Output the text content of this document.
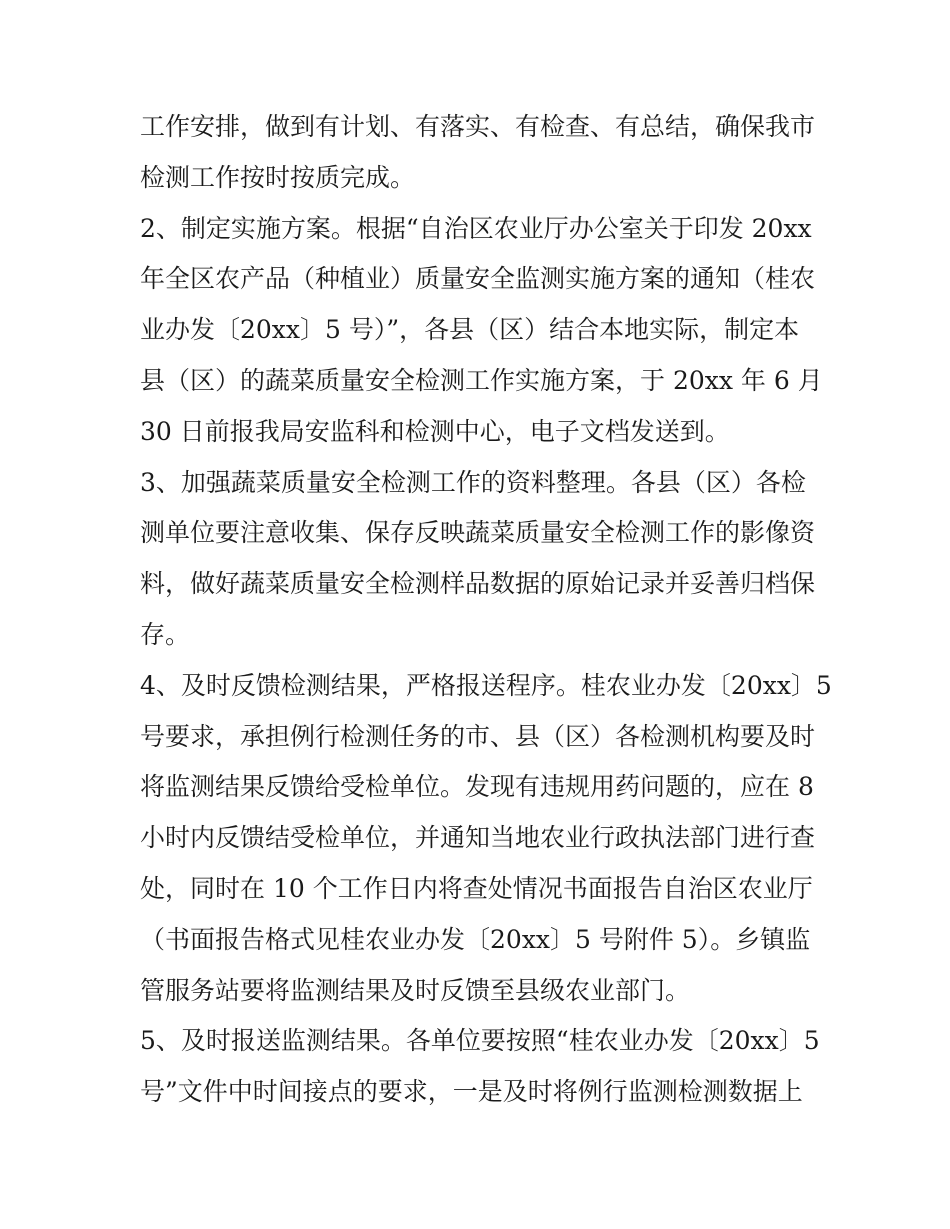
工作安排，做到有计划、有落实、有检查、有总结，确保我市
检测工作按时按质完成。
2、制定实施方案。根据“自治区农业厅办公室关于印发 20xx
年全区农产品（种植业）质量安全监测实施方案的通知（桂农
业办发〔20xx〕5 号）”，各县（区）结合本地实际，制定本
县（区）的蔬菜质量安全检测工作实施方案，于 20xx 年 6 月
30 日前报我局安监科和检测中心，电子文档发送到。
3、加强蔬菜质量安全检测工作的资料整理。各县（区）各检
测单位要注意收集、保存反映蔬菜质量安全检测工作的影像资
料，做好蔬菜质量安全检测样品数据的原始记录并妥善归档保
存。
4、及时反馈检测结果，严格报送程序。桂农业办发〔20xx〕5
号要求，承担例行检测任务的市、县（区）各检测机构要及时
将监测结果反馈给受检单位。发现有违规用药问题的，应在 8
小时内反馈结受检单位，并通知当地农业行政执法部门进行查
处，同时在 10 个工作日内将查处情况书面报告自治区农业厅
（书面报告格式见桂农业办发〔20xx〕5 号附件 5）。乡镇监
管服务站要将监测结果及时反馈至县级农业部门。
5、及时报送监测结果。各单位要按照“桂农业办发〔20xx〕5
号”文件中时间接点的要求，一是及时将例行监测检测数据上
